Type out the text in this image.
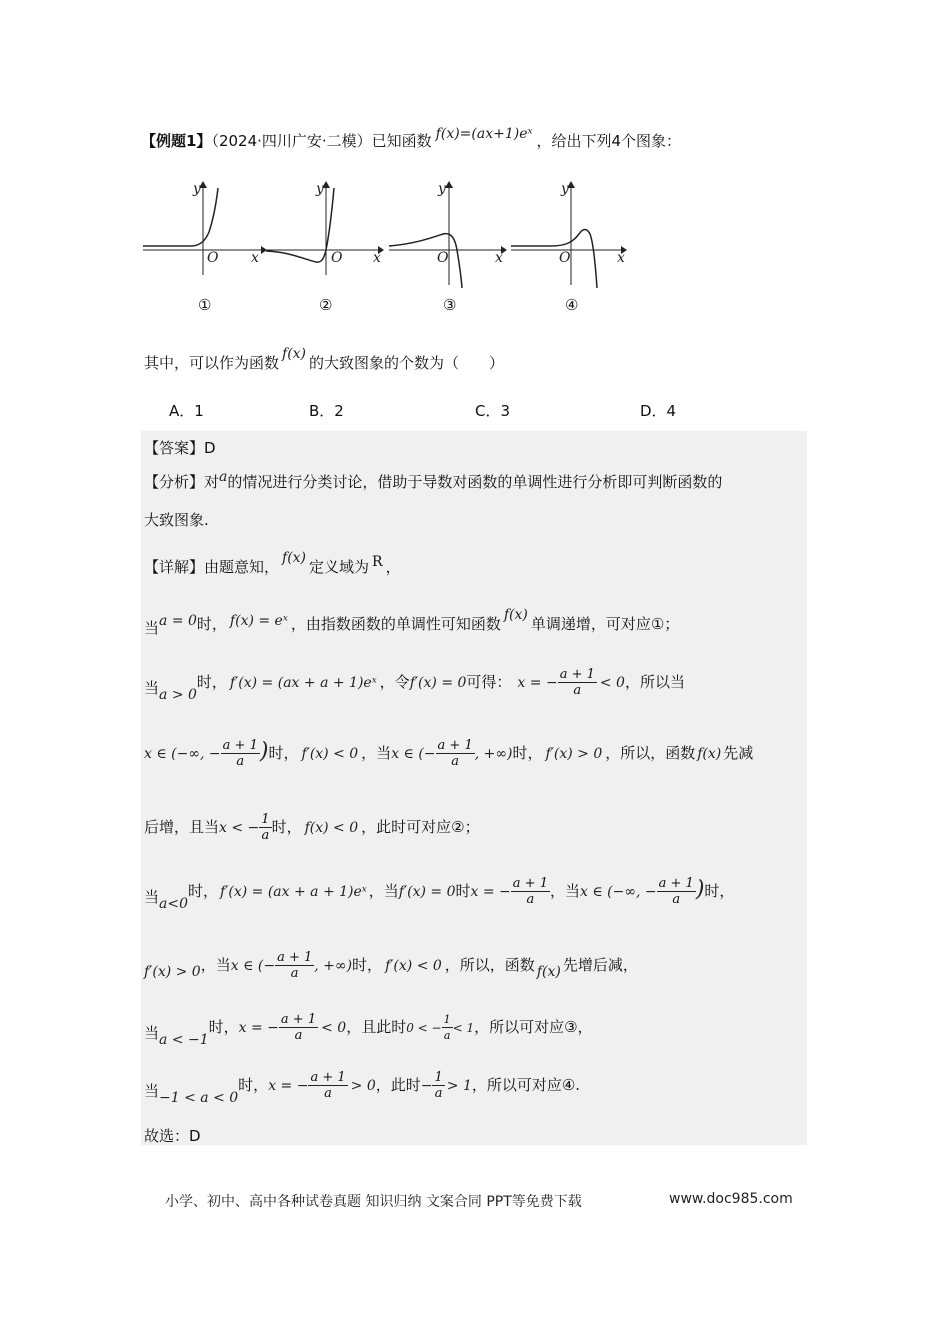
【例题1】（2024·四川广安·二模）已知函数 f(x)=(ax+1)eˣ ，给出下列4个图象：
y
O x
①
y
O x
②
y
O	x
③
y
O	x
④
其中，可以作为函数 f(x) 的大致图象的个数为（　　）
A．1	B．2	C．3	D．4
【答案】D
【分析】对a的情况进行分类讨论，借助于导数对函数的单调性进行分析即可判断函数的
大致图象.
【详解】由题意知， f(x) 定义域为 R ，
当a = 0时， f(x) = eˣ ，由指数函数的单调性可知函数 f(x) 单调递增，可对应①；
当a > 0时， f′(x) = (ax + a + 1)eˣ ，令f′(x) = 0可得： x = − $\frac{a + 1}{a} < 0$，所以当
x ∈ (−∞, − $\frac{a + 1}{a}$ )时， f′(x) < 0 ，当x ∈ (− $\frac{a + 1}{a}$ , +∞)时， f′(x) > 0 ，所以，函数 f(x) 先减
后增，且当x < − $\frac{1}{a}$ 时， f(x) < 0 ，此时可对应②；
当a<0时， f′(x) = (ax + a + 1)eˣ ，当f′(x) = 0时x = − $\frac{a + 1}{a}$ ，当x ∈ (−∞, − $\frac{a + 1}{a}$ )时，
f′(x) > 0，当x ∈ (− $\frac{a + 1}{a}$ , +∞)时， f′(x) < 0 ，所以，函数 f(x) 先增后减，
当a < −1时，x = − $\frac{a + 1}{a} < 0$，且此时0 < − $\frac{1}{a} < 1$，所以可对应③，
当−1 < a < 0时，x = − $\frac{a + 1}{a} > 0$，此时− $\frac{1}{a} > 1$，所以可对应④.
故选：D
小学、初中、高中各种试卷真题 知识归纳 文案合同 PPT等免费下载	www.doc985.com
